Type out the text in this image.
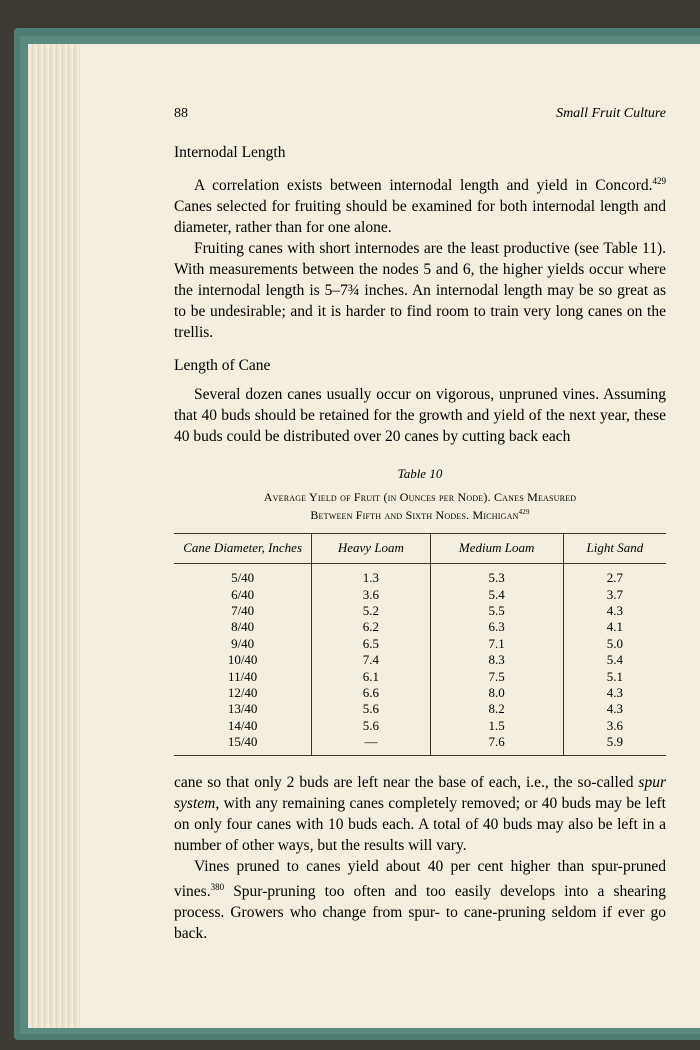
88	Small Fruit Culture
Internodal Length

A correlation exists between internodal length and yield in Concord.$^{429}$ Canes selected for fruiting should be examined for both internodal length and diameter, rather than for one alone.

Fruiting canes with short internodes are the least productive (see Table 11). With measurements between the nodes 5 and 6, the higher yields occur where the internodal length is 5–7¾ inches. An internodal length may be so great as to be undesirable; and it is harder to find room to train very long canes on the trellis.

Length of Cane

Several dozen canes usually occur on vigorous, unpruned vines. Assuming that 40 buds should be retained for the growth and yield of the next year, these 40 buds could be distributed over 20 canes by cutting back each

Table 10
Average Yield of Fruit (in Ounces per Node). Canes Measured
Between Fifth and Sixth Nodes. Michigan$^{429}$
Cane Diameter, Inches	Heavy Loam	Medium Loam	Light Sand
5/40	1.3	5.3	2.7
6/40	3.6	5.4	3.7
7/40	5.2	5.5	4.3
8/40	6.2	6.3	4.1
9/40	6.5	7.1	5.0
10/40	7.4	8.3	5.4
11/40	6.1	7.5	5.1
12/40	6.6	8.0	4.3
13/40	5.6	8.2	4.3
14/40	5.6	1.5	3.6
15/40	—	7.6	5.9

cane so that only 2 buds are left near the base of each, i.e., the so-called spur system, with any remaining canes completely removed; or 40 buds may be left on only four canes with 10 buds each. A total of 40 buds may also be left in a number of other ways, but the results will vary.

Vines pruned to canes yield about 40 per cent higher than spur-pruned vines.$^{380}$ Spur-pruning too often and too easily develops into a shearing process. Growers who change from spur- to cane-pruning seldom if ever go back.
